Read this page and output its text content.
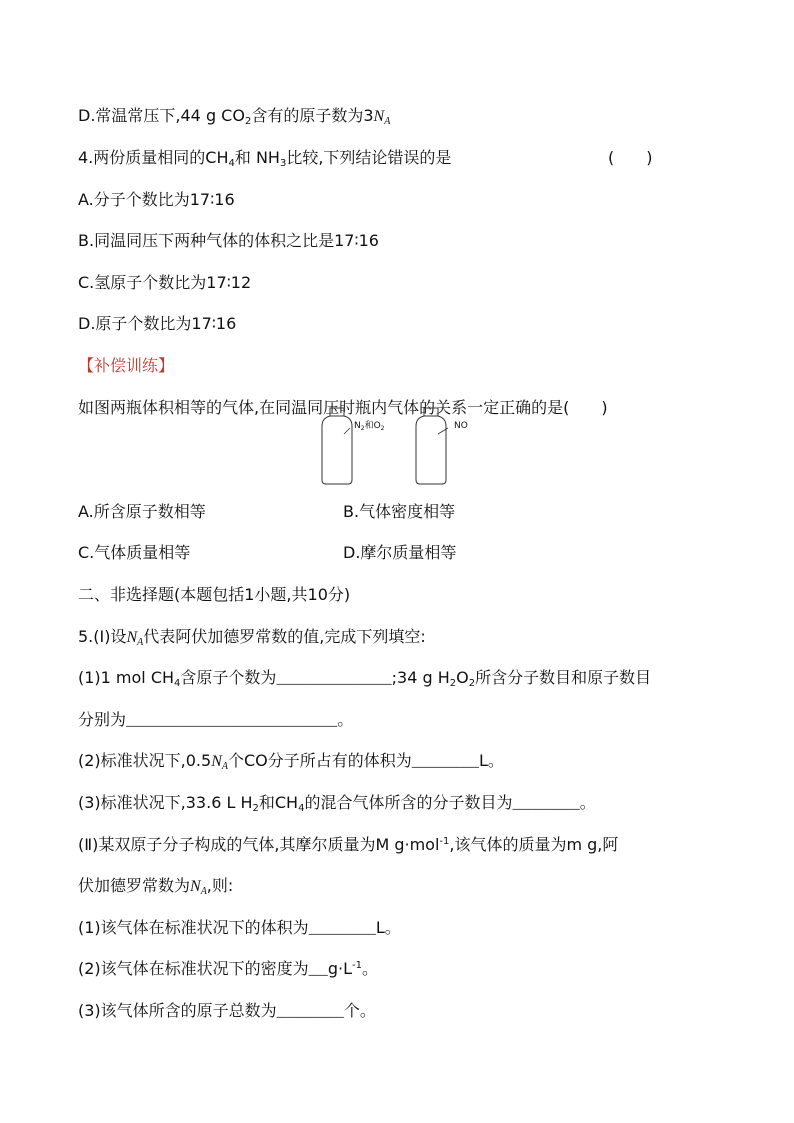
D.常温常压下,44 g $CO_2$含有的原子数为$3N_A$
4.两份质量相同的$CH_4$和 $NH_3$比较,下列结论错误的是	(　　)
A.分子个数比为17∶16
B.同温同压下两种气体的体积之比是17∶16
C.氢原子个数比为17∶12
D.原子个数比为17∶16
【补偿训练】
如图两瓶体积相等的气体,在同温同压时瓶内气体的关系一定正确的是(　　)
$N_2$和$O_2$	NO
A.所含原子数相等	B.气体密度相等
C.气体质量相等	D.摩尔质量相等
二、非选择题(本题包括1小题,共10分)
5.(Ⅰ)设$N_A$代表阿伏加德罗常数的值,完成下列填空:
(1)1 mol $CH_4$含原子个数为____________;34 g $H_2O_2$所含分子数目和原子数目
分别为______________________。
(2)标准状况下$,0.5N_A$个CO分子所占有的体积为_______L。
(3)标准状况下,33.6 L $H_2$和$CH_4$的混合气体所含的分子数目为_______。
(Ⅱ)某双原子分子构成的气体,其摩尔质量为M g·mol$^{-1}$,该气体的质量为m g,阿
伏加德罗常数为$N_A$,则:
(1)该气体在标准状况下的体积为_______L。
(2)该气体在标准状况下的密度为$\_\_g\cdot L^{-1}$。
(3)该气体所含的原子总数为_______个。
